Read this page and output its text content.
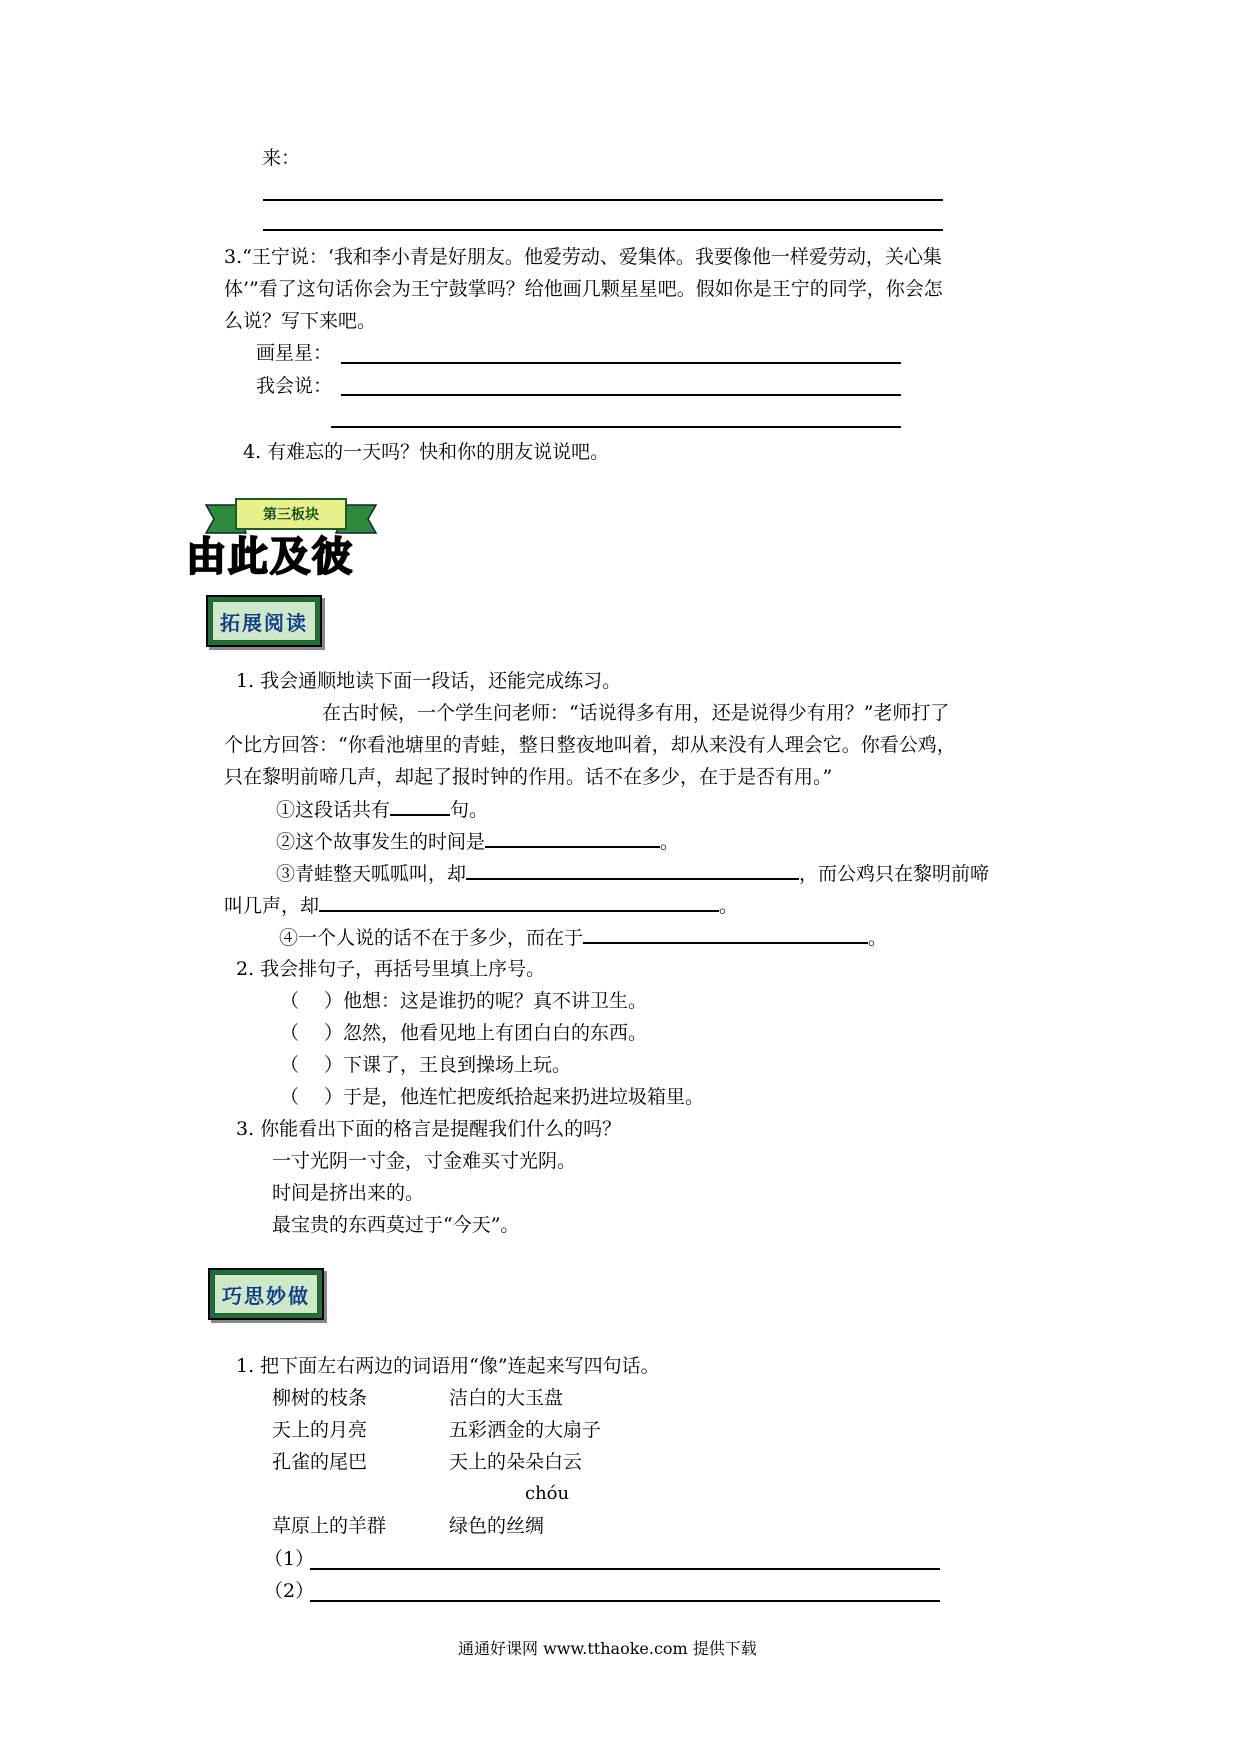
来：
3.“王宁说：‘我和李小青是好朋友。他爱劳动、爱集体。我要像他一样爱劳动，关心集
体’”看了这句话你会为王宁鼓掌吗？给他画几颗星星吧。假如你是王宁的同学，你会怎
么说？写下来吧。
画星星：
我会说：
4. 有难忘的一天吗？快和你的朋友说说吧。
第三板块
由此及彼
拓展阅读
1. 我会通顺地读下面一段话，还能完成练习。
在古时候，一个学生问老师：“话说得多有用，还是说得少有用？”老师打了
个比方回答：“你看池塘里的青蛙，整日整夜地叫着，却从来没有人理会它。你看公鸡，
只在黎明前啼几声，却起了报时钟的作用。话不在多少，在于是否有用。”
①这段话共有	句。
②这个故事发生的时间是	。
③青蛙整天呱呱叫，却	，而公鸡只在黎明前啼
叫几声，却	。
④一个人说的话不在于多少，而在于	。
2. 我会排句子，再括号里填上序号。
（　 ）他想：这是谁扔的呢？真不讲卫生。
（　 ）忽然，他看见地上有团白白的东西。
（　 ）下课了，王良到操场上玩。
（　 ）于是，他连忙把废纸拾起来扔进垃圾箱里。
3. 你能看出下面的格言是提醒我们什么的吗？
一寸光阴一寸金，寸金难买寸光阴。
时间是挤出来的。
最宝贵的东西莫过于“今天”。
巧思妙做
1. 把下面左右两边的词语用“像”连起来写四句话。
柳树的枝条	洁白的大玉盘
天上的月亮	五彩洒金的大扇子
孔雀的尾巴	天上的朵朵白云
chóu
草原上的羊群	绿色的丝绸
（1）
（2）
通通好课网 www.tthaoke.com 提供下载
